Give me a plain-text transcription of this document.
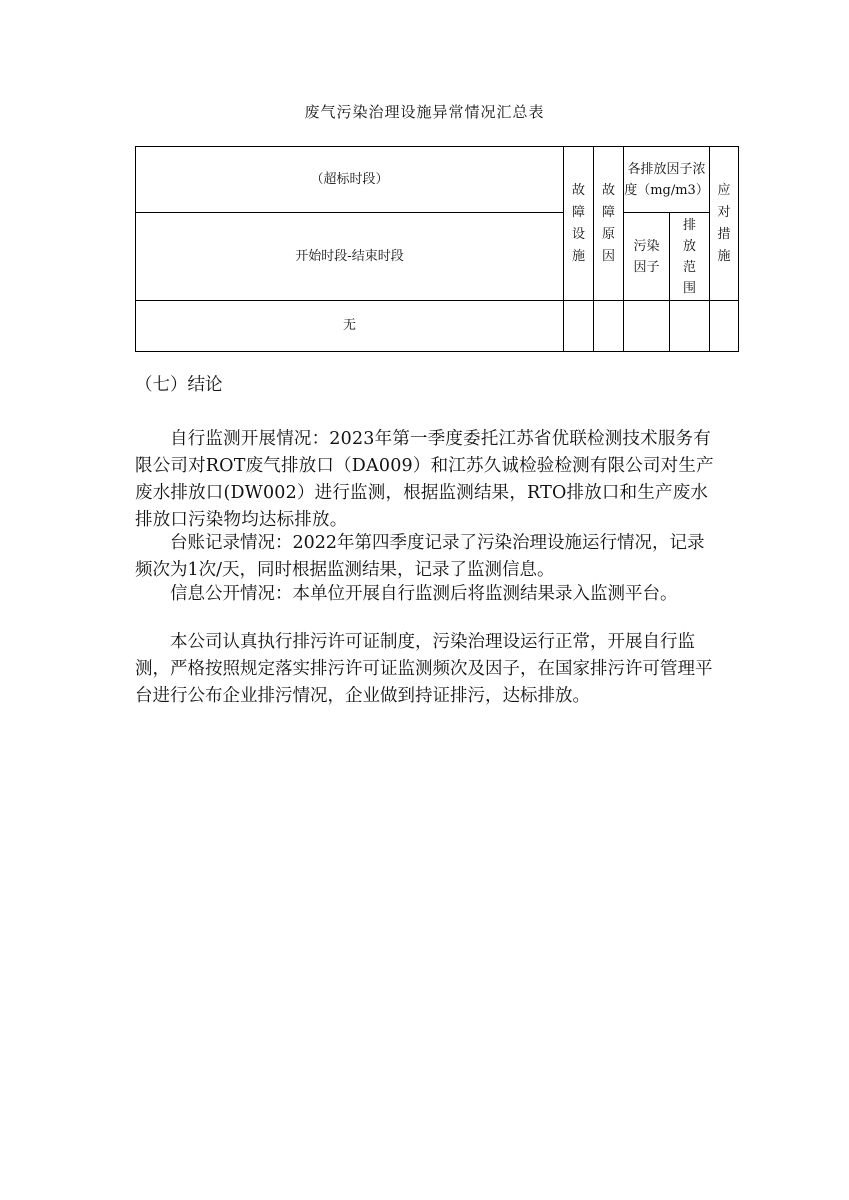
废气污染治理设施异常情况汇总表
（超标时段）	故障设施	故障原因	各排放因子浓度（mg/m3）		应对措施

开始时段-结束时段			污染因子	排放范围	

无					
（七）结论
自行监测开展情况：2023年第一季度委托江苏省优联检测技术服务有限公司对ROT废气排放口（DA009）和江苏久诚检验检测有限公司对生产废水排放口(DW002）进行监测，根据监测结果，RTO排放口和生产废水排放口污染物均达标排放。
台账记录情况：2022年第四季度记录了污染治理设施运行情况，记录频次为1次/天，同时根据监测结果，记录了监测信息。
信息公开情况：本单位开展自行监测后将监测结果录入监测平台。
本公司认真执行排污许可证制度，污染治理设运行正常，开展自行监测，严格按照规定落实排污许可证监测频次及因子，在国家排污许可管理平台进行公布企业排污情况，企业做到持证排污，达标排放。
